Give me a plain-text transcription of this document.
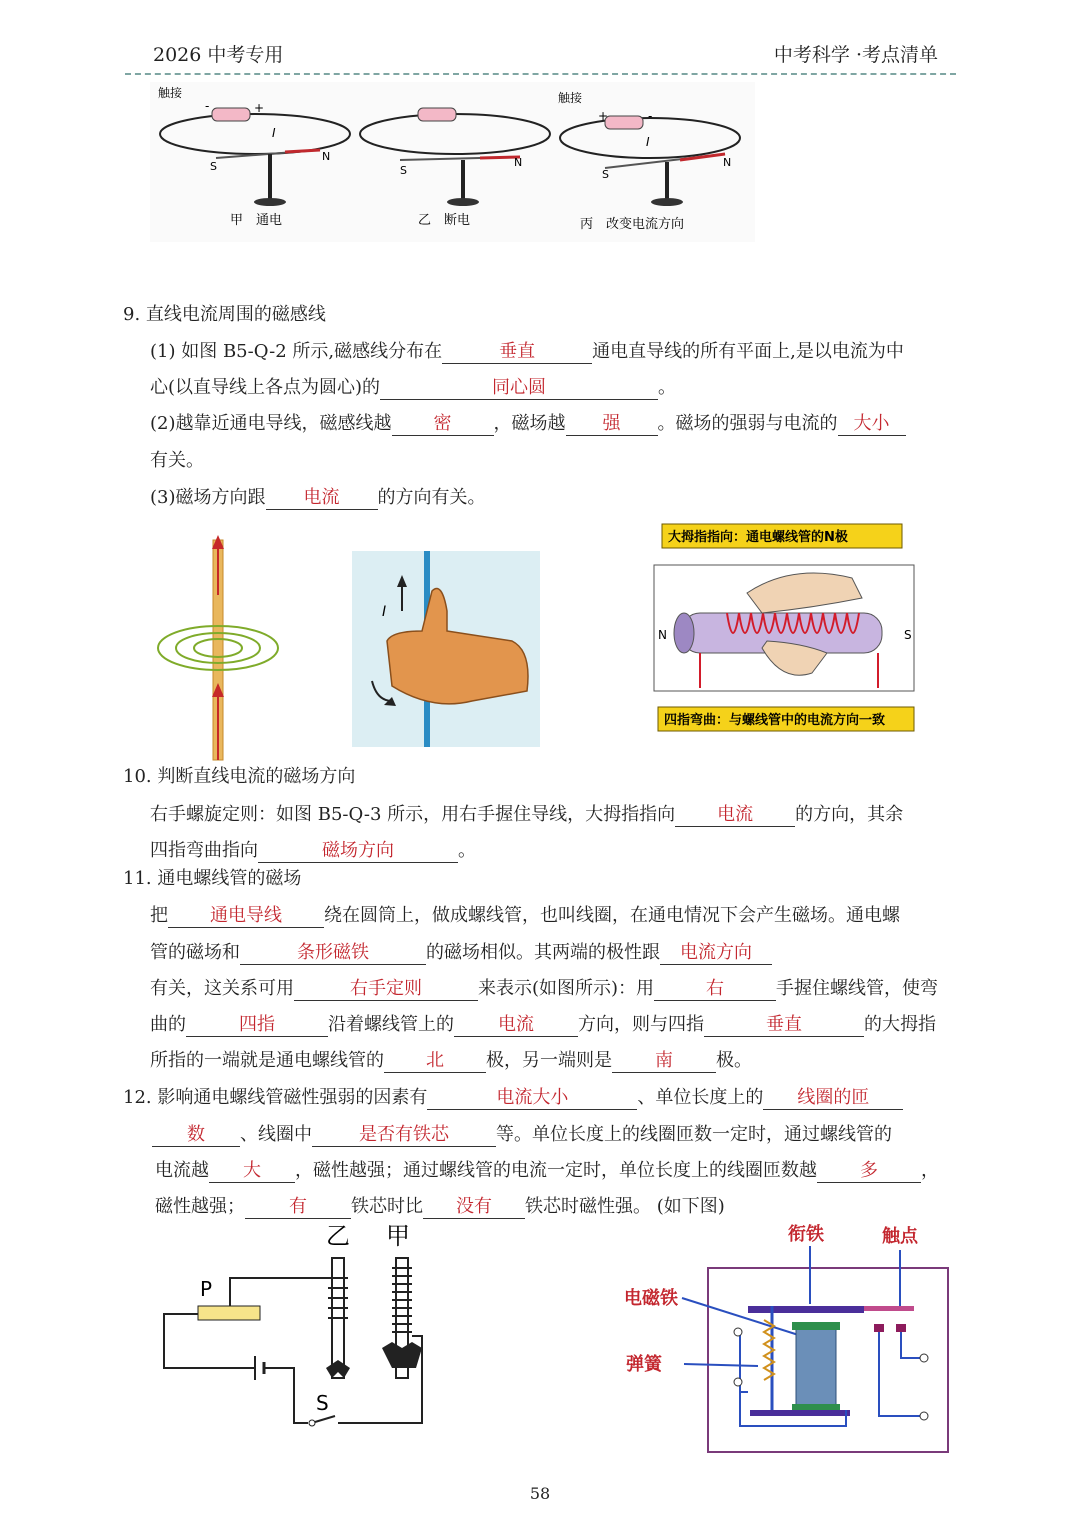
2026 中考专用	中考科学 ·考点清单
触接
-	+
I
S
N
甲　通电
S
N
乙　断电
触接
+	-
I
S
N
丙　改变电流方向
9. 直线电流周围的磁感线
(1) 如图 B5-Q-2 所示,磁感线分布在	垂直	通电直导线的所有平面上,是以电流为中
心(以直导线上各点为圆心)的	同心圆	。
(2)越靠近通电导线，磁感线越 密 ，磁场越 强 。磁场的强弱与电流的 大小
有关。
(3)磁场方向跟 电流 的方向有关。
I
大拇指指向：通电螺线管的N极
N	S
四指弯曲：与螺线管中的电流方向一致
10. 判断直线电流的磁场方向
右手螺旋定则：如图 B5-Q-3 所示，用右手握住导线，大拇指指向 电流 的方向，其余
四指弯曲指向	磁场方向	。
11. 通电螺线管的磁场
把 通电导线 绕在圆筒上，做成螺线管，也叫线圈，在通电情况下会产生磁场。通电螺
管的磁场和	条形磁铁	的磁场相似。其两端的极性跟 电流方向
有关，这关系可用	右手定则	来表示(如图所示)：用	右	手握住螺线管，使弯
曲的	四指	沿着螺线管上的 电流 方向，则与四指	垂直	的大拇指
所指的一端就是通电螺线管的 北 极，另一端则是 南 极。
12. 影响通电螺线管磁性强弱的因素有	电流大小	、单位长度上的 线圈的匝
数 、线圈中	是否有铁芯	等。单位长度上的线圈匝数一定时，通过螺线管的
电流越 大 ，磁性越强；通过螺线管的电流一定时，单位长度上的线圈匝数越 多 ，
磁性越强； 有 铁芯时比 没有 铁芯时磁性强。 (如下图)
乙 甲
P
S
衔铁	触点
电磁铁
弹簧
58
